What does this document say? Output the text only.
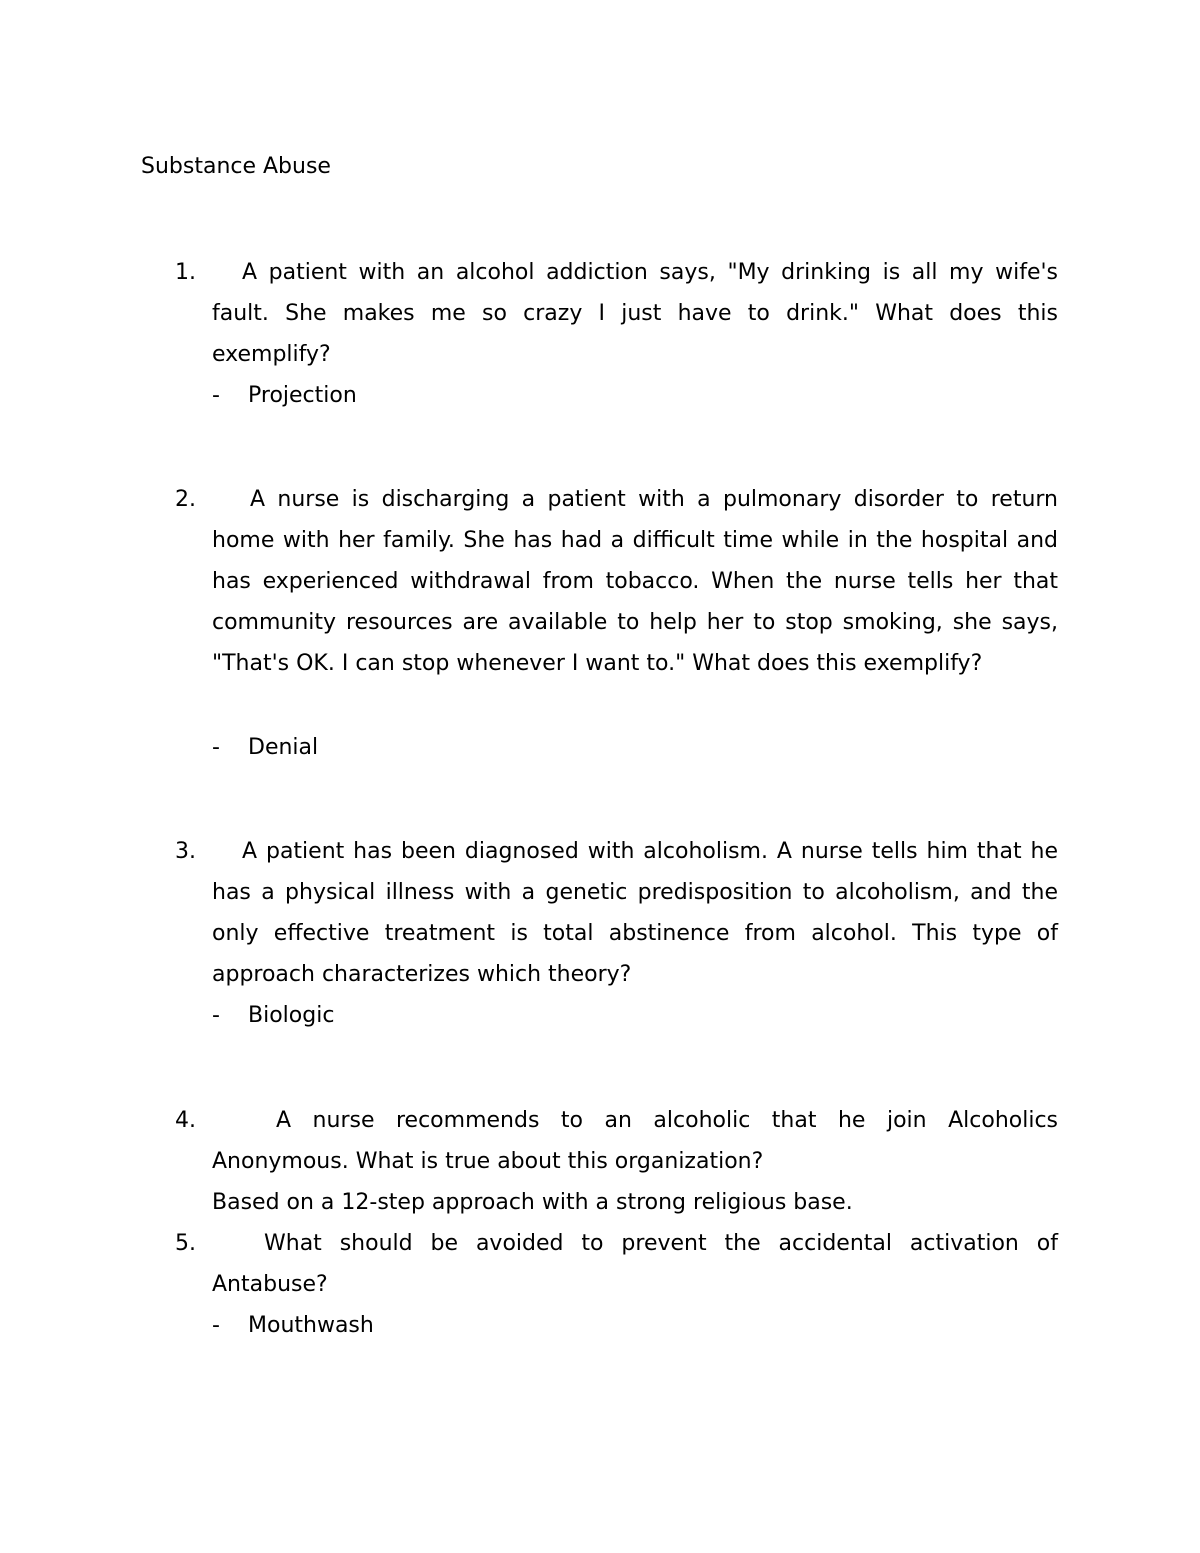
Substance Abuse
1.	A patient with an alcohol addiction says, "My drinking is all my wife's fault. She makes me so crazy I just have to drink." What does this exemplify?
- Projection
2.	A nurse is discharging a patient with a pulmonary disorder to return home with her family. She has had a difficult time while in the hospital and has experienced withdrawal from tobacco. When the nurse tells her that community resources are available to help her to stop smoking, she says, "That's OK. I can stop whenever I want to." What does this exemplify?
- Denial
3.	A patient has been diagnosed with alcoholism. A nurse tells him that he has a physical illness with a genetic predisposition to alcoholism, and the only effective treatment is total abstinence from alcohol. This type of approach characterizes which theory?
- Biologic
4.	A nurse recommends to an alcoholic that he join Alcoholics Anonymous. What is true about this organization?
Based on a 12-step approach with a strong religious base.
5.	What should be avoided to prevent the accidental activation of Antabuse?
- Mouthwash
